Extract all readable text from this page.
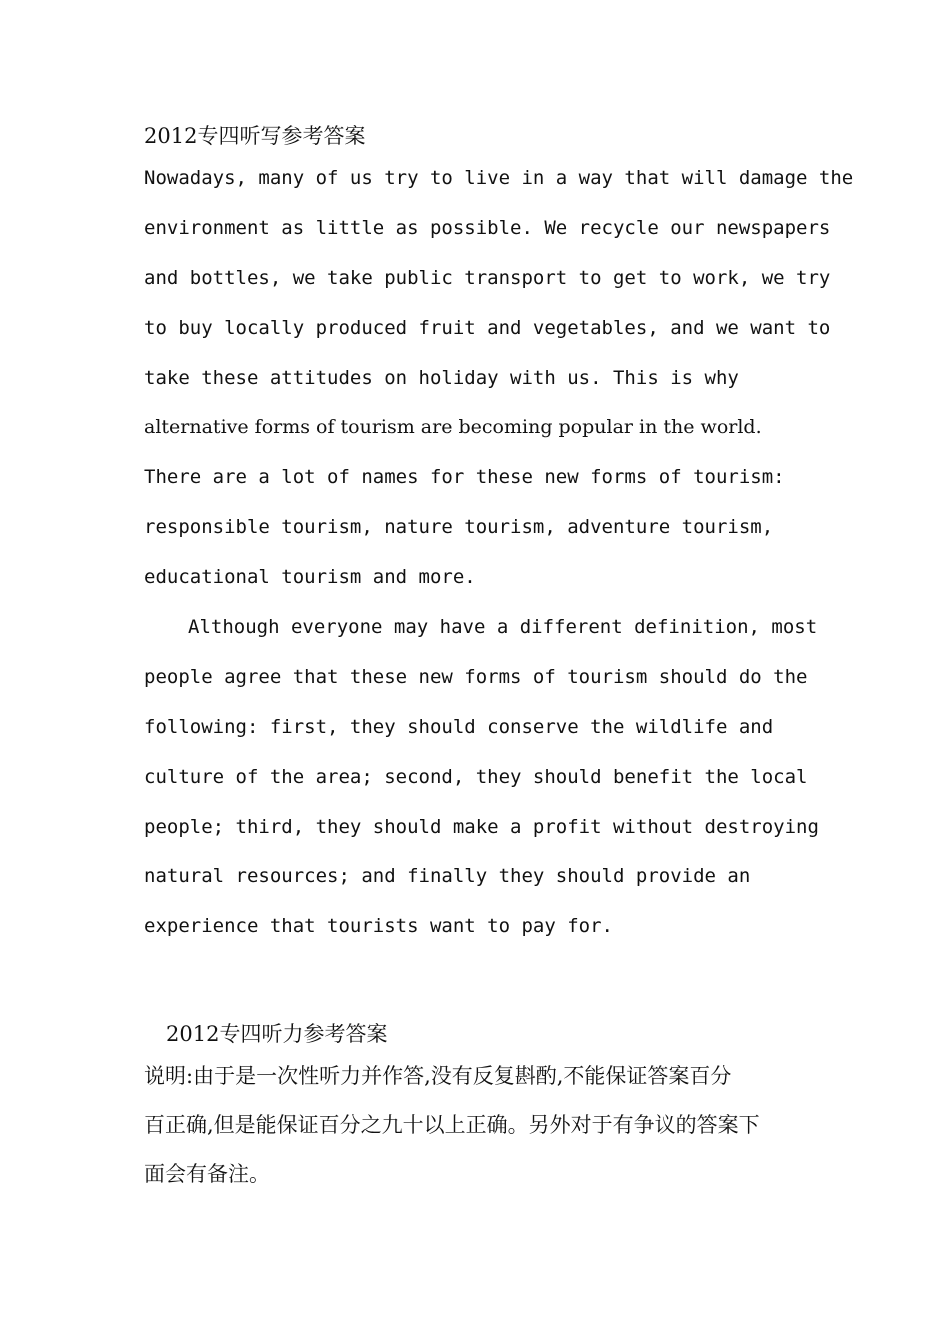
2012专四听写参考答案
Nowadays, many of us try to live in a way that will damage the
environment as little as possible. We recycle our newspapers
and bottles, we take public transport to get to work, we try
to buy locally produced fruit and vegetables, and we want to
take these attitudes on holiday with us. This is why
alternative forms of tourism are becoming popular in the world.
There are a lot of names for these new forms of tourism:
responsible tourism, nature tourism, adventure tourism,
educational tourism and more.
Although everyone may have a different definition, most
people agree that these new forms of tourism should do the
following: first, they should conserve the wildlife and
culture of the area; second, they should benefit the local
people; third, they should make a profit without destroying
natural resources; and finally they should provide an
experience that tourists want to pay for.
2012专四听力参考答案
说明:由于是一次性听力并作答,没有反复斟酌,不能保证答案百分
百正确,但是能保证百分之九十以上正确。另外对于有争议的答案下
面会有备注。
